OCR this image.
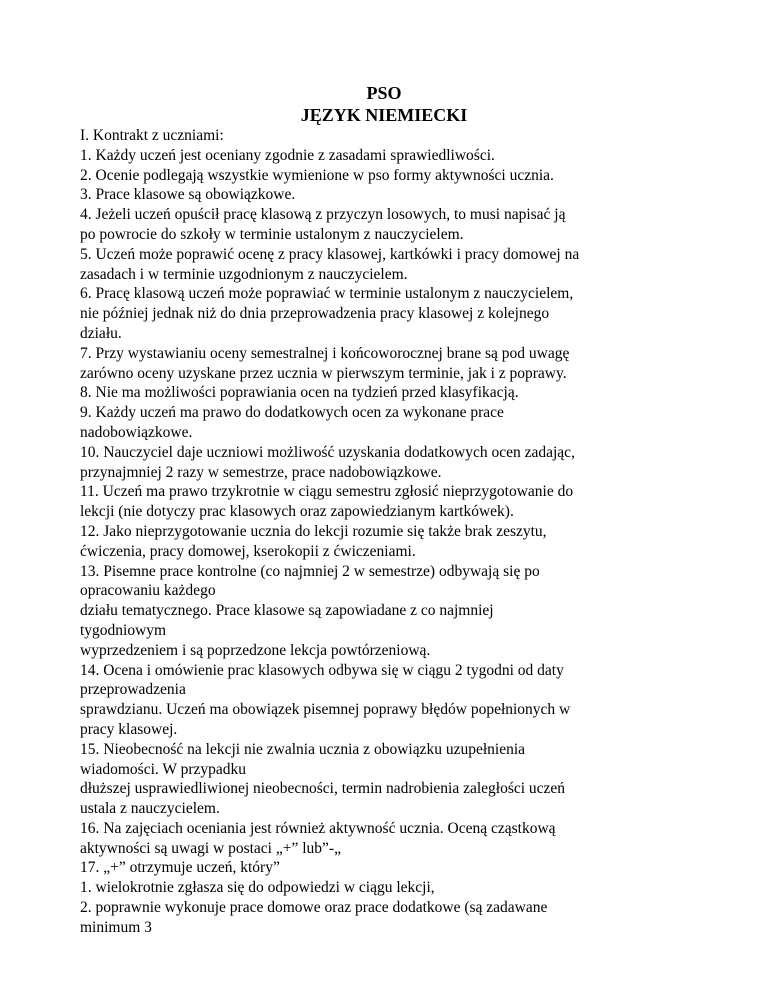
PSO
JĘZYK NIEMIECKI
I. Kontrakt z uczniami:
1. Każdy uczeń jest oceniany zgodnie z zasadami sprawiedliwości.
2. Ocenie podlegają wszystkie wymienione w pso formy aktywności ucznia.
3. Prace klasowe są obowiązkowe.
4. Jeżeli uczeń opuścił pracę klasową z przyczyn losowych, to musi napisać ją
po powrocie do szkoły w terminie ustalonym z nauczycielem.
5. Uczeń może poprawić ocenę z pracy klasowej, kartkówki i pracy domowej na
zasadach i w terminie uzgodnionym z nauczycielem.
6. Pracę klasową uczeń może poprawiać w terminie ustalonym z nauczycielem,
nie później jednak niż do dnia przeprowadzenia pracy klasowej z kolejnego
działu.
7. Przy wystawianiu oceny semestralnej i końcoworocznej brane są pod uwagę
zarówno oceny uzyskane przez ucznia w pierwszym terminie, jak i z poprawy.
8. Nie ma możliwości poprawiania ocen na tydzień przed klasyfikacją.
9. Każdy uczeń ma prawo do dodatkowych ocen za wykonane prace
nadobowiązkowe.
10. Nauczyciel daje uczniowi możliwość uzyskania dodatkowych ocen zadając,
przynajmniej 2 razy w semestrze, prace nadobowiązkowe.
11. Uczeń ma prawo trzykrotnie w ciągu semestru zgłosić nieprzygotowanie do
lekcji (nie dotyczy prac klasowych oraz zapowiedzianym kartkówek).
12. Jako nieprzygotowanie ucznia do lekcji rozumie się także brak zeszytu,
ćwiczenia, pracy domowej, kserokopii z ćwiczeniami.
13. Pisemne prace kontrolne (co najmniej 2 w semestrze) odbywają się po
opracowaniu każdego
działu tematycznego. Prace klasowe są zapowiadane z co najmniej
tygodniowym
wyprzedzeniem i są poprzedzone lekcja powtórzeniową.
14. Ocena i omówienie prac klasowych odbywa się w ciągu 2 tygodni od daty
przeprowadzenia
sprawdzianu. Uczeń ma obowiązek pisemnej poprawy błędów popełnionych w
pracy klasowej.
15. Nieobecność na lekcji nie zwalnia ucznia z obowiązku uzupełnienia
wiadomości. W przypadku
dłuższej usprawiedliwionej nieobecności, termin nadrobienia zaległości uczeń
ustala z nauczycielem.
16. Na zajęciach oceniania jest również aktywność ucznia. Oceną cząstkową
aktywności są uwagi w postaci „+” lub”-„
17. „+” otrzymuje uczeń, który”
1. wielokrotnie zgłasza się do odpowiedzi w ciągu lekcji,
2. poprawnie wykonuje prace domowe oraz prace dodatkowe (są zadawane
minimum 3
